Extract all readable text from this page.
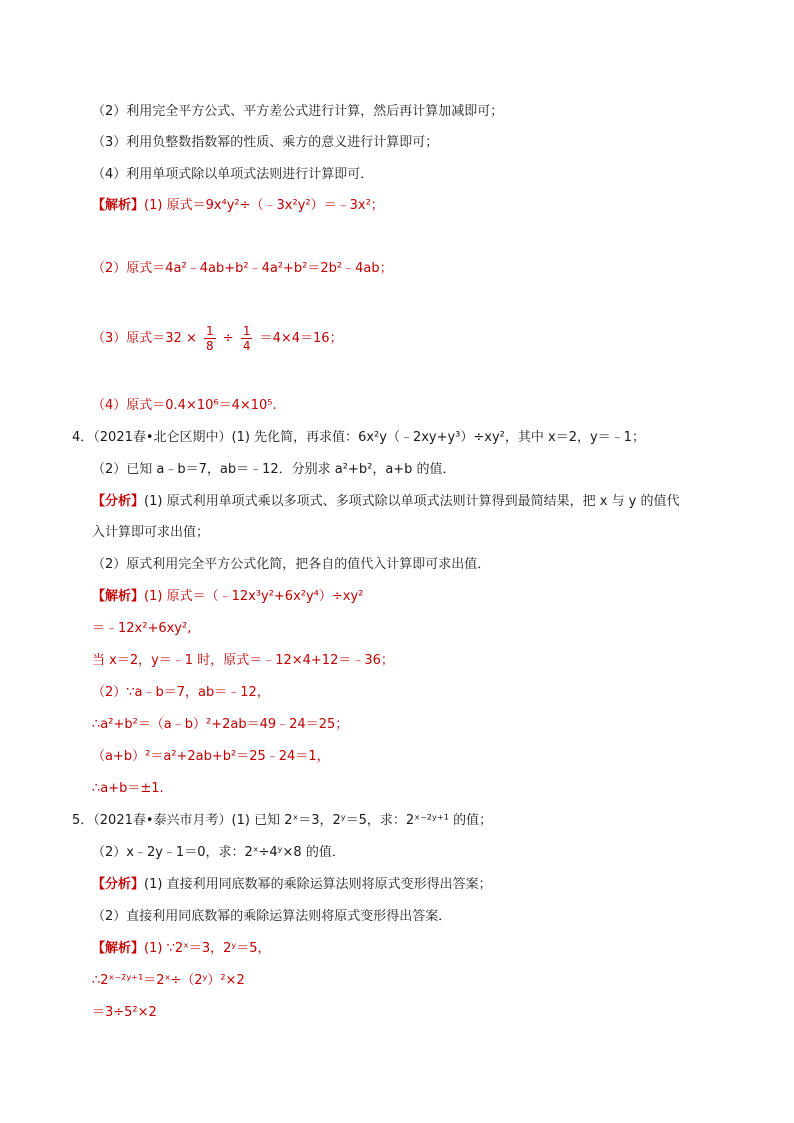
（2）利用完全平方公式、平方差公式进行计算，然后再计算加减即可；
（3）利用负整数指数幂的性质、乘方的意义进行计算即可；
（4）利用单项式除以单项式法则进行计算即可．
【解析】(1) 原式＝9x⁴y²÷（﹣3x²y²）＝﹣3x²；
（2）原式＝4a²﹣4ab+b²﹣4a²+b²＝2b²﹣4ab；
（3）原式$=32 \times \frac{1}{8} \div \frac{1}{4} =4\times 4=16$；
（4）原式＝0.4×10⁶＝4×10⁵.
4．（2021春•北仑区期中）(1) 先化简，再求值：6x²y（﹣2xy+y³）÷xy²，其中 x＝2，y＝﹣1；
（2）已知 a﹣b＝7，ab＝﹣12．分别求 a²+b²，a+b 的值．
【分析】(1) 原式利用单项式乘以多项式、多项式除以单项式法则计算得到最简结果，把 x 与 y 的值代
入计算即可求出值；
（2）原式利用完全平方公式化简，把各自的值代入计算即可求出值．
【解析】(1) 原式＝（﹣12x³y²+6x²y⁴）÷xy²
＝﹣12x²+6xy²,
当 x＝2，y＝﹣1 时，原式＝﹣12×4+12＝﹣36；
（2）∵a﹣b＝7，ab＝﹣12，
∴a²+b²＝（a﹣b）²+2ab＝49﹣24＝25；
（a+b）²＝a²+2ab+b²＝25﹣24＝1，
∴a+b＝±1.
5．（2021春•泰兴市月考）(1) 已知 2ˣ＝3，2ʸ＝5，求：2ˣ⁻²ʸ⁺¹ 的值；
（2）x﹣2y﹣1＝0，求：2ˣ÷4ʸ×8 的值．
【分析】(1) 直接利用同底数幂的乘除运算法则将原式变形得出答案；
（2）直接利用同底数幂的乘除运算法则将原式变形得出答案．
【解析】(1) ∵2ˣ＝3，2ʸ＝5，
∴2ˣ⁻²ʸ⁺¹＝2ˣ÷（2ʸ）²×2
＝3÷5²×2
